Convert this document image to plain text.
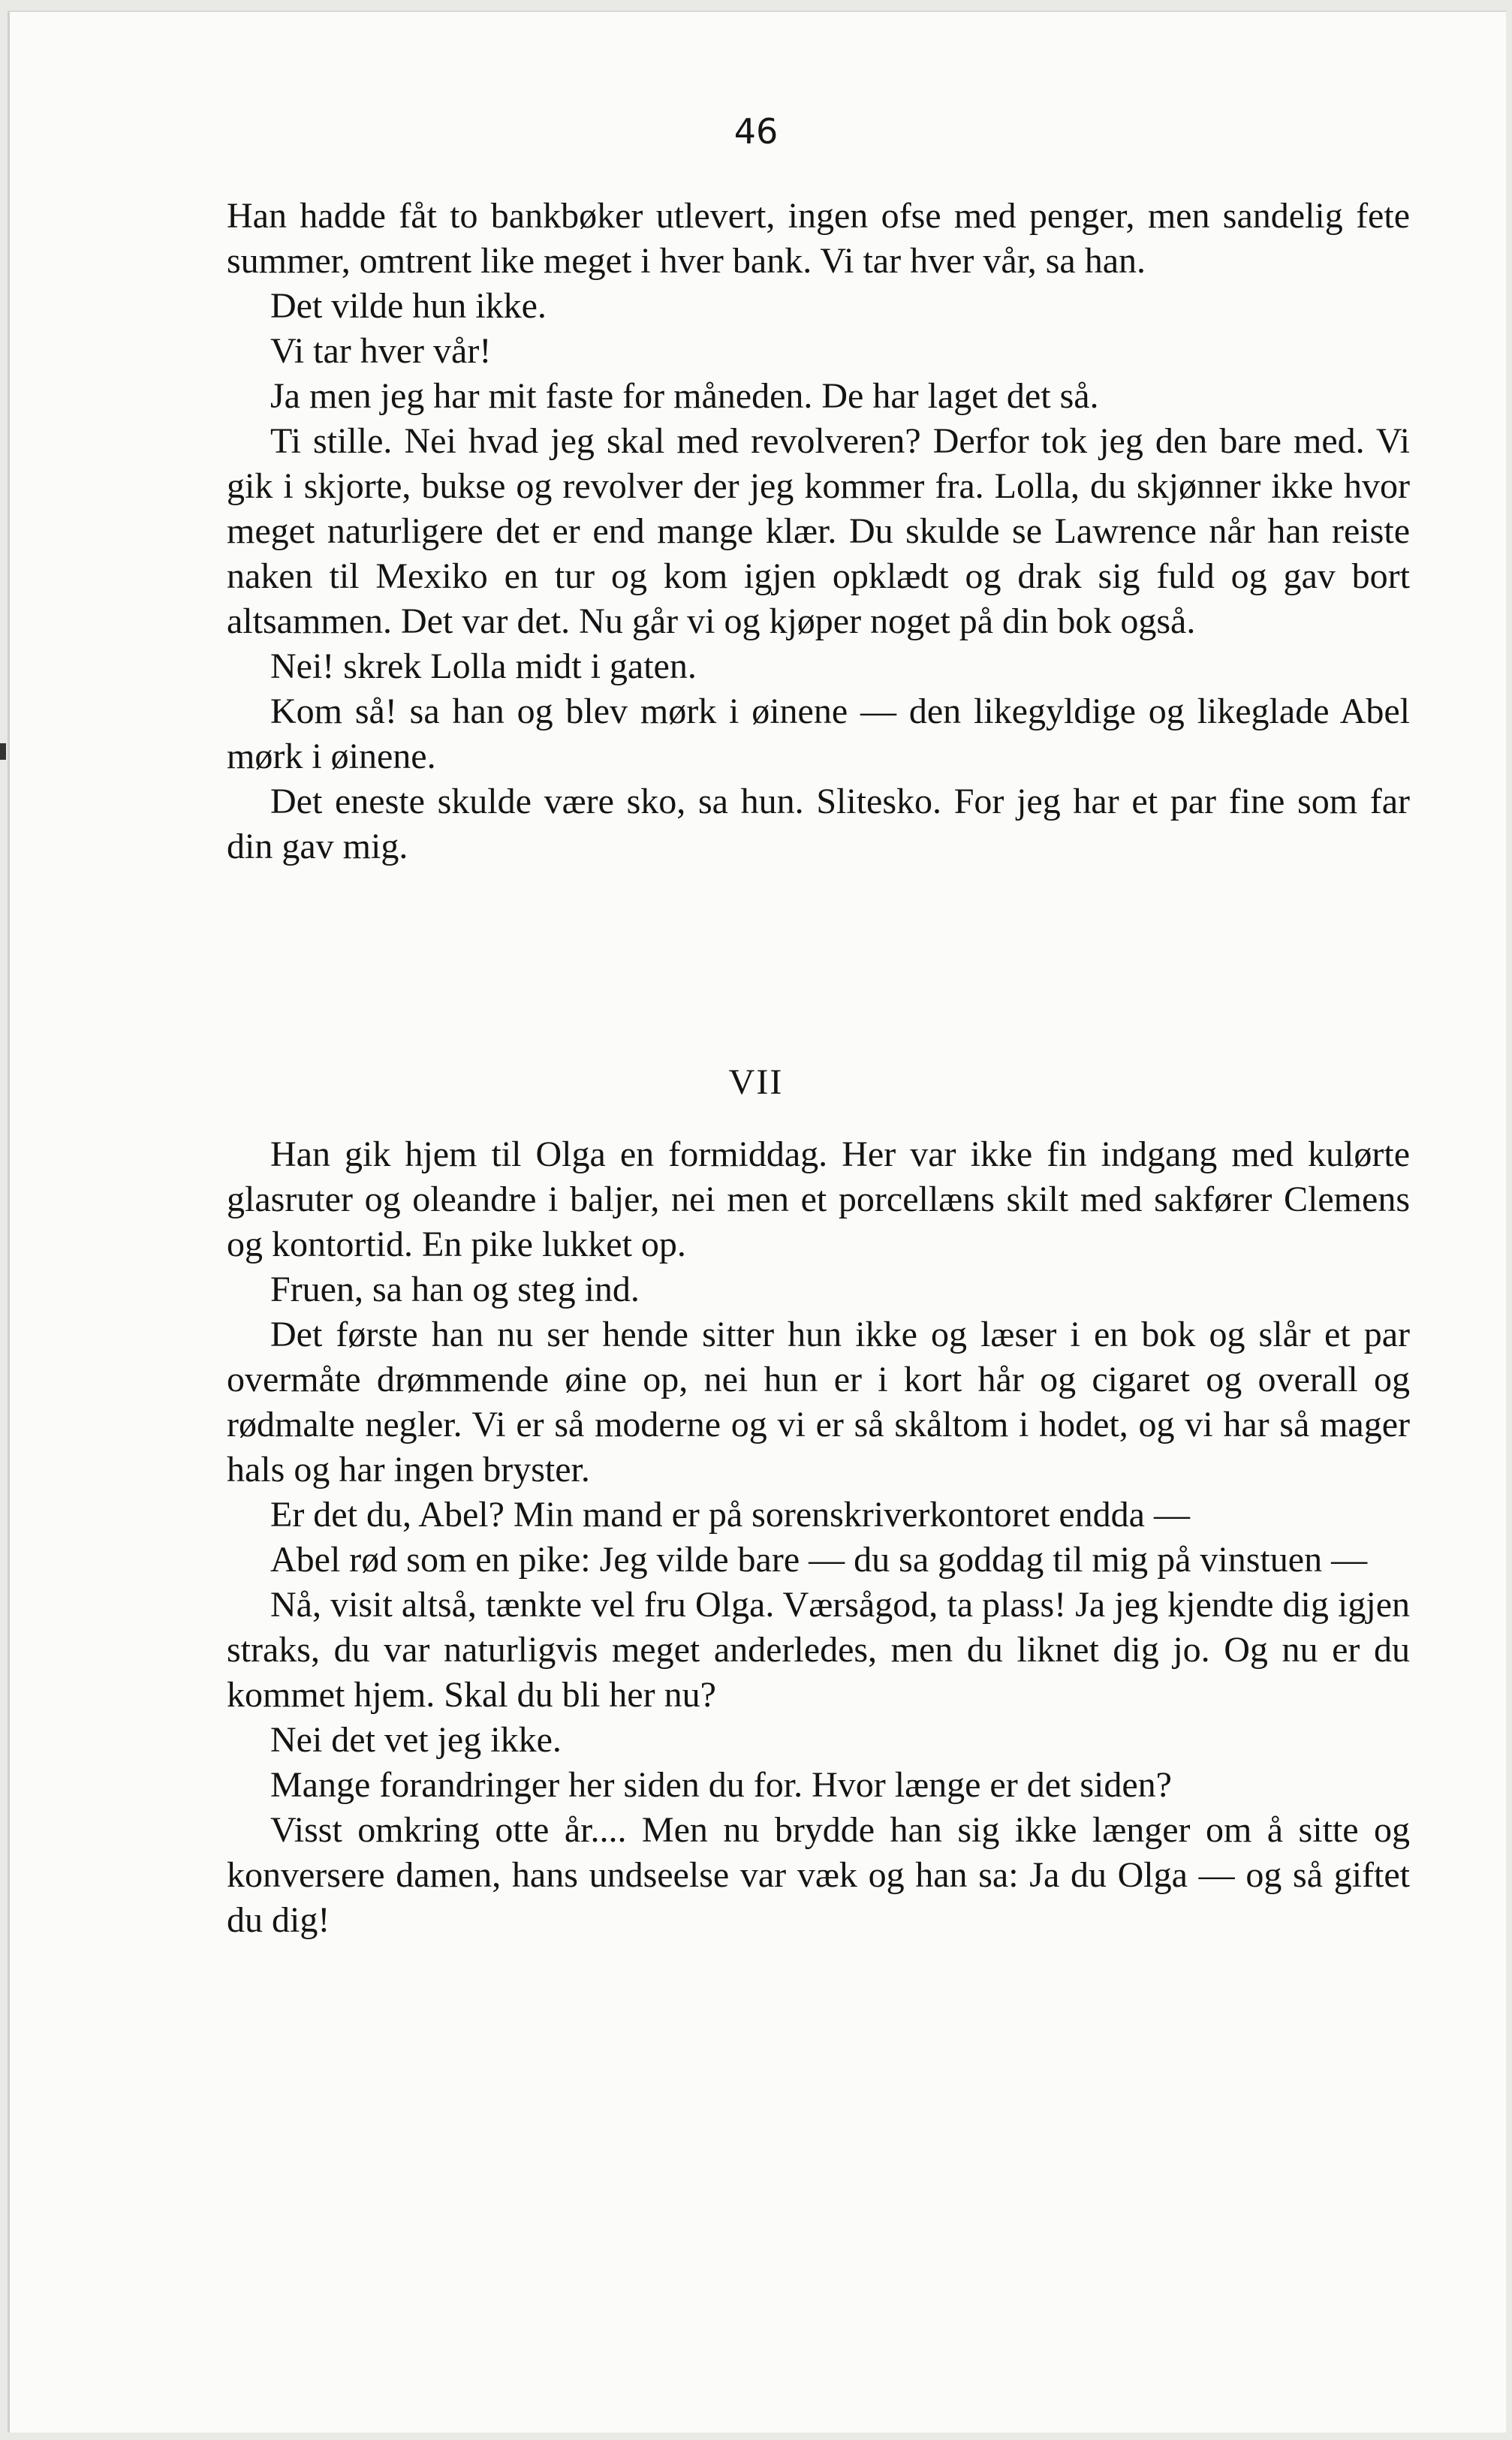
46

Han hadde fåt to bankbøker utlevert, ingen ofse med penger, men sandelig fete summer, omtrent like meget i hver bank. Vi tar hver vår, sa han.

Det vilde hun ikke.

Vi tar hver vår!

Ja men jeg har mit faste for måneden. De har laget det så.

Ti stille. Nei hvad jeg skal med revolveren? Derfor tok jeg den bare med. Vi gik i skjorte, bukse og revolver der jeg kommer fra. Lolla, du skjønner ikke hvor meget naturligere det er end mange klær. Du skulde se Lawrence når han reiste naken til Mexiko en tur og kom igjen opklædt og drak sig fuld og gav bort altsammen. Det var det. Nu går vi og kjøper noget på din bok også.

Nei! skrek Lolla midt i gaten.

Kom så! sa han og blev mørk i øinene — den likegyldige og likeglade Abel mørk i øinene.

Det eneste skulde være sko, sa hun. Slitesko. For jeg har et par fine som far din gav mig.

VII

Han gik hjem til Olga en formiddag. Her var ikke fin indgang med kulørte glasruter og oleandre i baljer, nei men et porcellæns skilt med sakfører Clemens og kontortid. En pike lukket op.

Fruen, sa han og steg ind.

Det første han nu ser hende sitter hun ikke og læser i en bok og slår et par overmåte drømmende øine op, nei hun er i kort hår og cigaret og overall og rødmalte negler. Vi er så moderne og vi er så skåltom i hodet, og vi har så mager hals og har ingen bryster.

Er det du, Abel? Min mand er på sorenskriverkontoret endda —

Abel rød som en pike: Jeg vilde bare — du sa goddag til mig på vinstuen —

Nå, visit altså, tænkte vel fru Olga. Værsågod, ta plass! Ja jeg kjendte dig igjen straks, du var naturligvis meget anderledes, men du liknet dig jo. Og nu er du kommet hjem. Skal du bli her nu?

Nei det vet jeg ikke.

Mange forandringer her siden du for. Hvor længe er det siden?

Visst omkring otte år.... Men nu brydde han sig ikke længer om å sitte og konversere damen, hans undseelse var væk og han sa: Ja du Olga — og så giftet du dig!
